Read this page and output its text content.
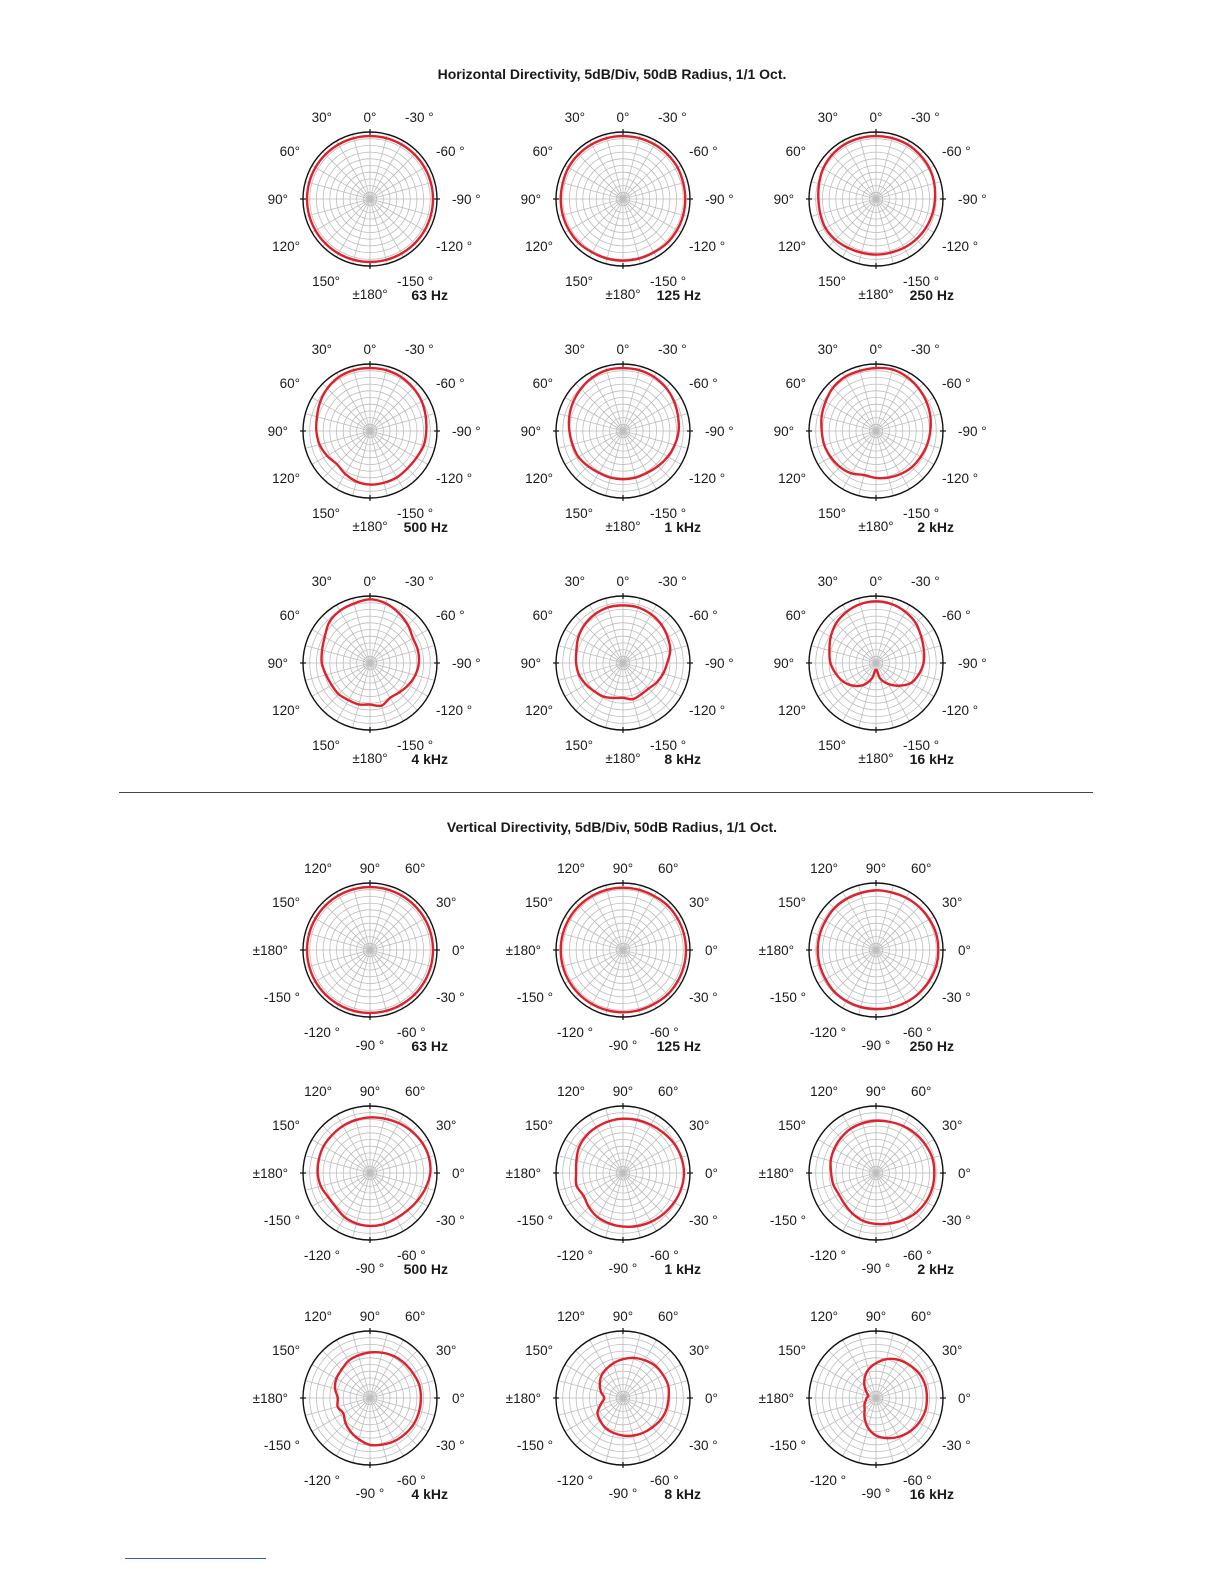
Horizontal Directivity, 5dB/Div, 50dB Radius, 1/1 Oct.
Vertical Directivity, 5dB/Div, 50dB Radius, 1/1 Oct.
0°
30°	-30 °
60°	-60 °
90°	-90 °
120°	-120 °
150°	-150 °
±180° 63 Hz
0°
30°	-30 °
60°	-60 °
90°	-90 °
120°	-120 °
150°	-150 °
±180° 125 Hz
0°
30°	-30 °
60°	-60 °
90°	-90 °
120°	-120 °
150°	-150 °
±180° 250 Hz
0°
30°	-30 °
60°	-60 °
90°	-90 °
120°	-120 °
150°	-150 °
±180° 500 Hz
0°
30°	-30 °
60°	-60 °
90°	-90 °
120°	-120 °
150°	-150 °
±180° 1 kHz
0°
30°	-30 °
60°	-60 °
90°	-90 °
120°	-120 °
150°	-150 °
±180° 2 kHz
0°
30°	-30 °
60°	-60 °
90°	-90 °
120°	-120 °
150°	-150 °
±180° 4 kHz
0°
30°	-30 °
60°	-60 °
90°	-90 °
120°	-120 °
150°	-150 °
±180° 8 kHz
0°
30°	-30 °
60°	-60 °
90°	-90 °
120°	-120 °
150°	-150 °
±180° 16 kHz
90°
120°	60°
150°	30°
±180°	0°
-150 °	-30 °
-120 °	-60 °
-90 ° 63 Hz
90°
120°	60°
150°	30°
±180°	0°
-150 °	-30 °
-120 °	-60 °
-90 ° 125 Hz
90°
120°	60°
150°	30°
±180°	0°
-150 °	-30 °
-120 °	-60 °
-90 ° 250 Hz
90°
120°	60°
150°	30°
±180°	0°
-150 °	-30 °
-120 °	-60 °
-90 ° 500 Hz
90°
120°	60°
150°	30°
±180°	0°
-150 °	-30 °
-120 °	-60 °
-90 ° 1 kHz
90°
120°	60°
150°	30°
±180°	0°
-150 °	-30 °
-120 °	-60 °
-90 ° 2 kHz
90°
120°	60°
150°	30°
±180°	0°
-150 °	-30 °
-120 °	-60 °
-90 ° 4 kHz
90°
120°	60°
150°	30°
±180°	0°
-150 °	-30 °
-120 °	-60 °
-90 ° 8 kHz
90°
120°	60°
150°	30°
±180°	0°
-150 °	-30 °
-120 °	-60 °
-90 ° 16 kHz
